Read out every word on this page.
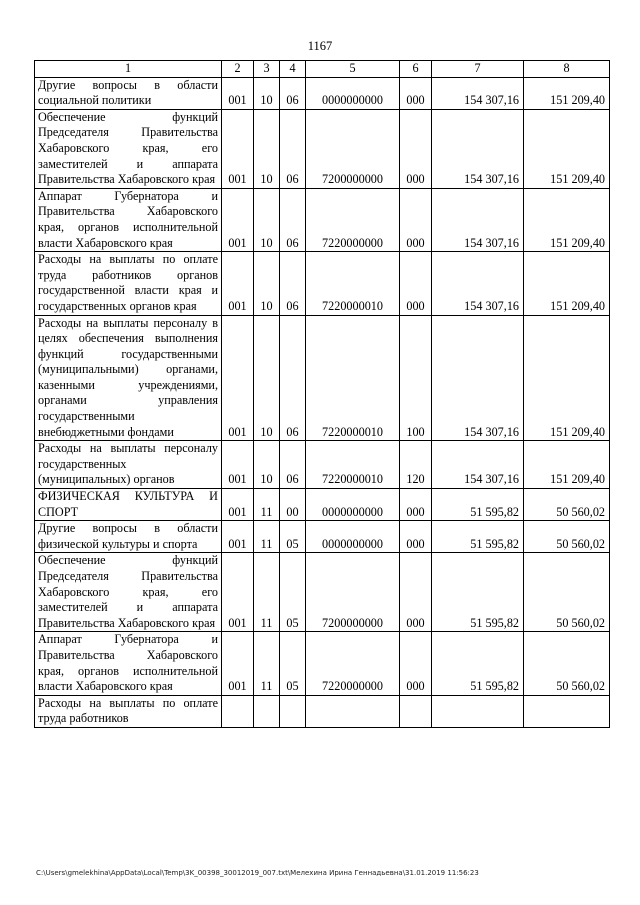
1167
1	2	3	4	5	6	7	8
Другие вопросы в области социальной политики	001	10	06	0000000000	000	154 307,16	151 209,40
Обеспечение функций Председателя Правительства Хабаровского края, его заместителей и аппарата Правительства Хабаровского края	001	10	06	7200000000	000	154 307,16	151 209,40
Аппарат Губернатора и Правительства Хабаровского края, органов исполнительной власти Хабаровского края	001	10	06	7220000000	000	154 307,16	151 209,40
Расходы на выплаты по оплате труда работников органов государственной власти края и государственных органов края	001	10	06	7220000010	000	154 307,16	151 209,40
Расходы на выплаты персоналу в целях обеспечения выполнения функций государственными (муниципальными) органами, казенными учреждениями, органами управления государственными внебюджетными фондами	001	10	06	7220000010	100	154 307,16	151 209,40
Расходы на выплаты персоналу государственных (муниципальных) органов	001	10	06	7220000010	120	154 307,16	151 209,40
ФИЗИЧЕСКАЯ КУЛЬТУРА И СПОРТ	001	11	00	0000000000	000	51 595,82	50 560,02
Другие вопросы в области физической культуры и спорта	001	11	05	0000000000	000	51 595,82	50 560,02
Обеспечение функций Председателя Правительства Хабаровского края, его заместителей и аппарата Правительства Хабаровского края	001	11	05	7200000000	000	51 595,82	50 560,02
Аппарат Губернатора и Правительства Хабаровского края, органов исполнительной власти Хабаровского края	001	11	05	7220000000	000	51 595,82	50 560,02
Расходы на выплаты по оплате труда работников							
C:\Users\gmelekhina\AppData\Local\Temp\3K_00398_30012019_007.txt\Мелехина Ирина Геннадьевна\31.01.2019 11:56:23
